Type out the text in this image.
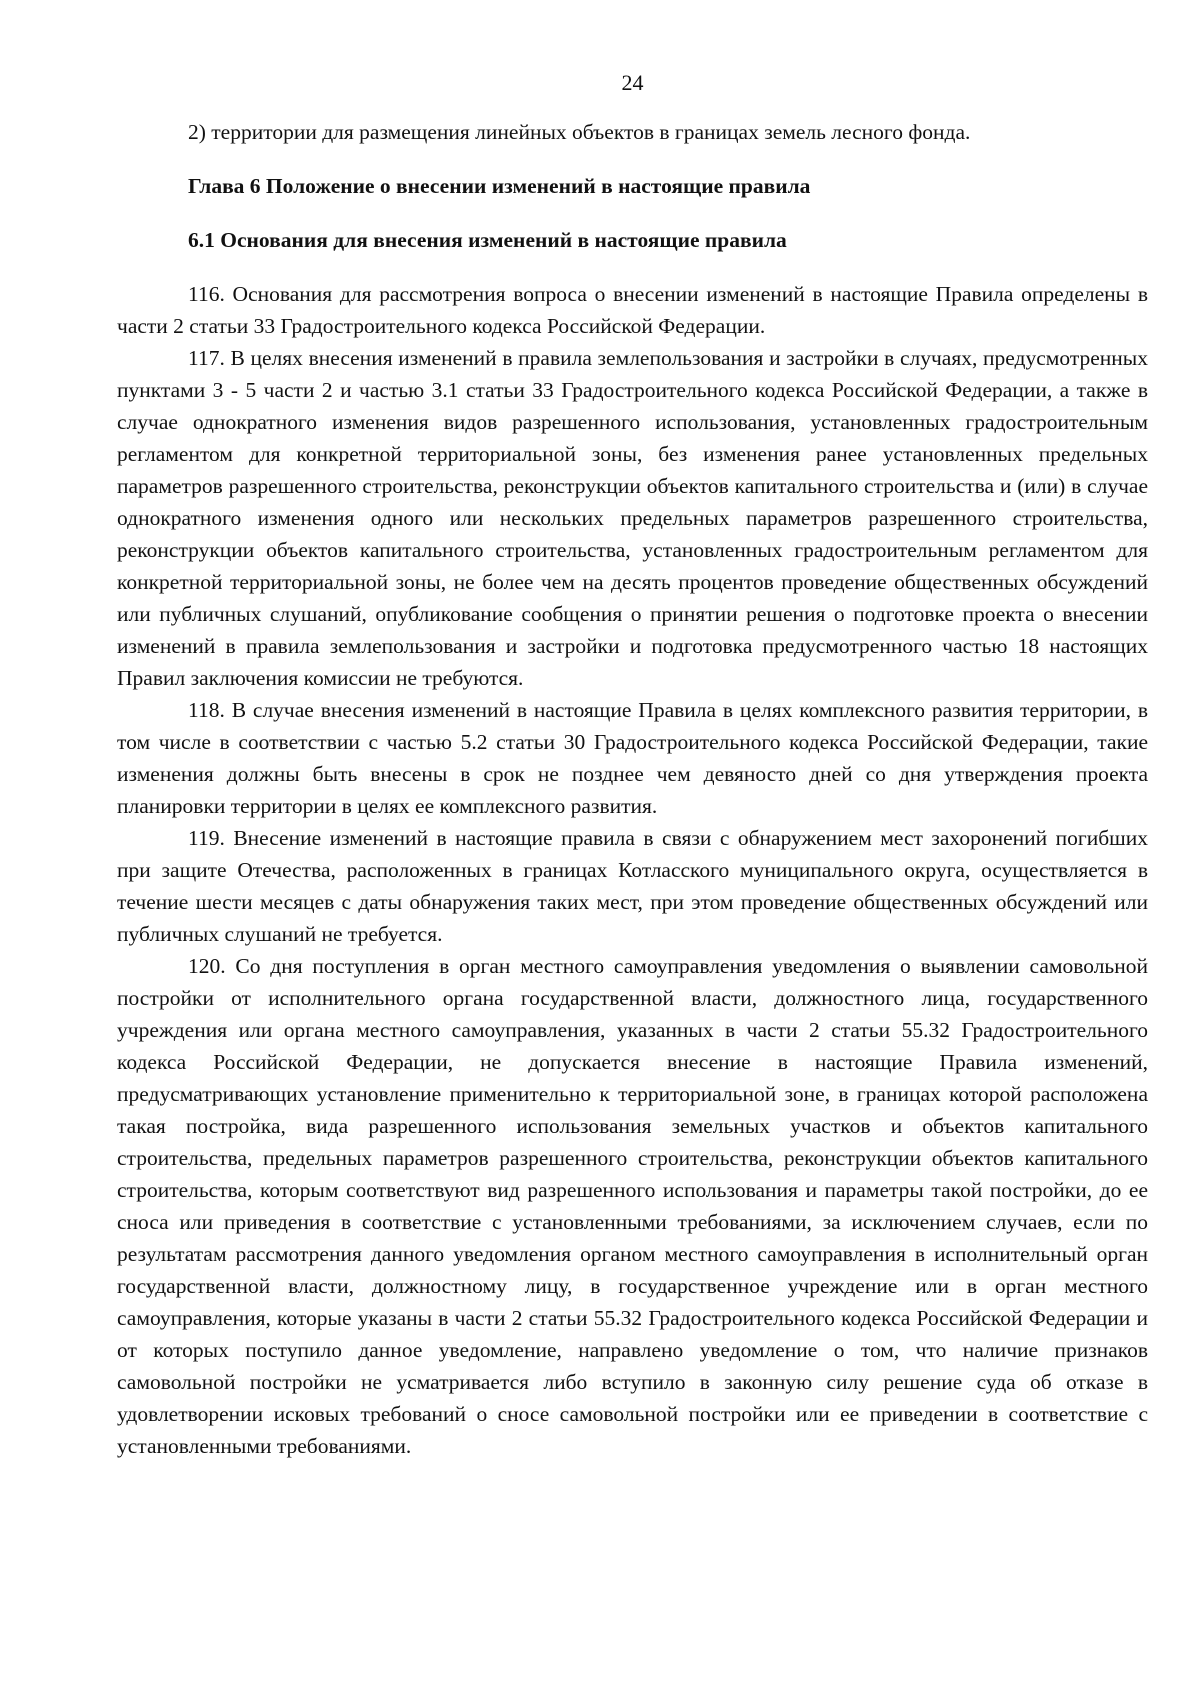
24

2) территории для размещения линейных объектов в границах земель лесного фонда.

Глава 6 Положение о внесении изменений в настоящие правила

6.1 Основания для внесения изменений в настоящие правила

116. Основания для рассмотрения вопроса о внесении изменений в настоящие Правила определены в части 2 статьи 33 Градостроительного кодекса Российской Федерации.

117. В целях внесения изменений в правила землепользования и застройки в случаях, предусмотренных пунктами 3 - 5 части 2 и частью 3.1 статьи 33 Градостроительного кодекса Российской Федерации, а также в случае однократного изменения видов разрешенного использования, установленных градостроительным регламентом для конкретной территориальной зоны, без изменения ранее установленных предельных параметров разрешенного строительства, реконструкции объектов капитального строительства и (или) в случае однократного изменения одного или нескольких предельных параметров разрешенного строительства, реконструкции объектов капитального строительства, установленных градостроительным регламентом для конкретной территориальной зоны, не более чем на десять процентов проведение общественных обсуждений или публичных слушаний, опубликование сообщения о принятии решения о подготовке проекта о внесении изменений в правила землепользования и застройки и подготовка предусмотренного частью 18 настоящих Правил заключения комиссии не требуются.

118. В случае внесения изменений в настоящие Правила в целях комплексного развития территории, в том числе в соответствии с частью 5.2 статьи 30 Градостроительного кодекса Российской Федерации, такие изменения должны быть внесены в срок не позднее чем девяносто дней со дня утверждения проекта планировки территории в целях ее комплексного развития.

119. Внесение изменений в настоящие правила в связи с обнаружением мест захоронений погибших при защите Отечества, расположенных в границах Котласского муниципального округа, осуществляется в течение шести месяцев с даты обнаружения таких мест, при этом проведение общественных обсуждений или публичных слушаний не требуется.

120. Со дня поступления в орган местного самоуправления уведомления о выявлении самовольной постройки от исполнительного органа государственной власти, должностного лица, государственного учреждения или органа местного самоуправления, указанных в части 2 статьи 55.32 Градостроительного кодекса Российской Федерации, не допускается внесение в настоящие Правила изменений, предусматривающих установление применительно к территориальной зоне, в границах которой расположена такая постройка, вида разрешенного использования земельных участков и объектов капитального строительства, предельных параметров разрешенного строительства, реконструкции объектов капитального строительства, которым соответствуют вид разрешенного использования и параметры такой постройки, до ее сноса или приведения в соответствие с установленными требованиями, за исключением случаев, если по результатам рассмотрения данного уведомления органом местного самоуправления в исполнительный орган государственной власти, должностному лицу, в государственное учреждение или в орган местного самоуправления, которые указаны в части 2 статьи 55.32 Градостроительного кодекса Российской Федерации и от которых поступило данное уведомление, направлено уведомление о том, что наличие признаков самовольной постройки не усматривается либо вступило в законную силу решение суда об отказе в удовлетворении исковых требований о сносе самовольной постройки или ее приведении в соответствие с установленными требованиями.
